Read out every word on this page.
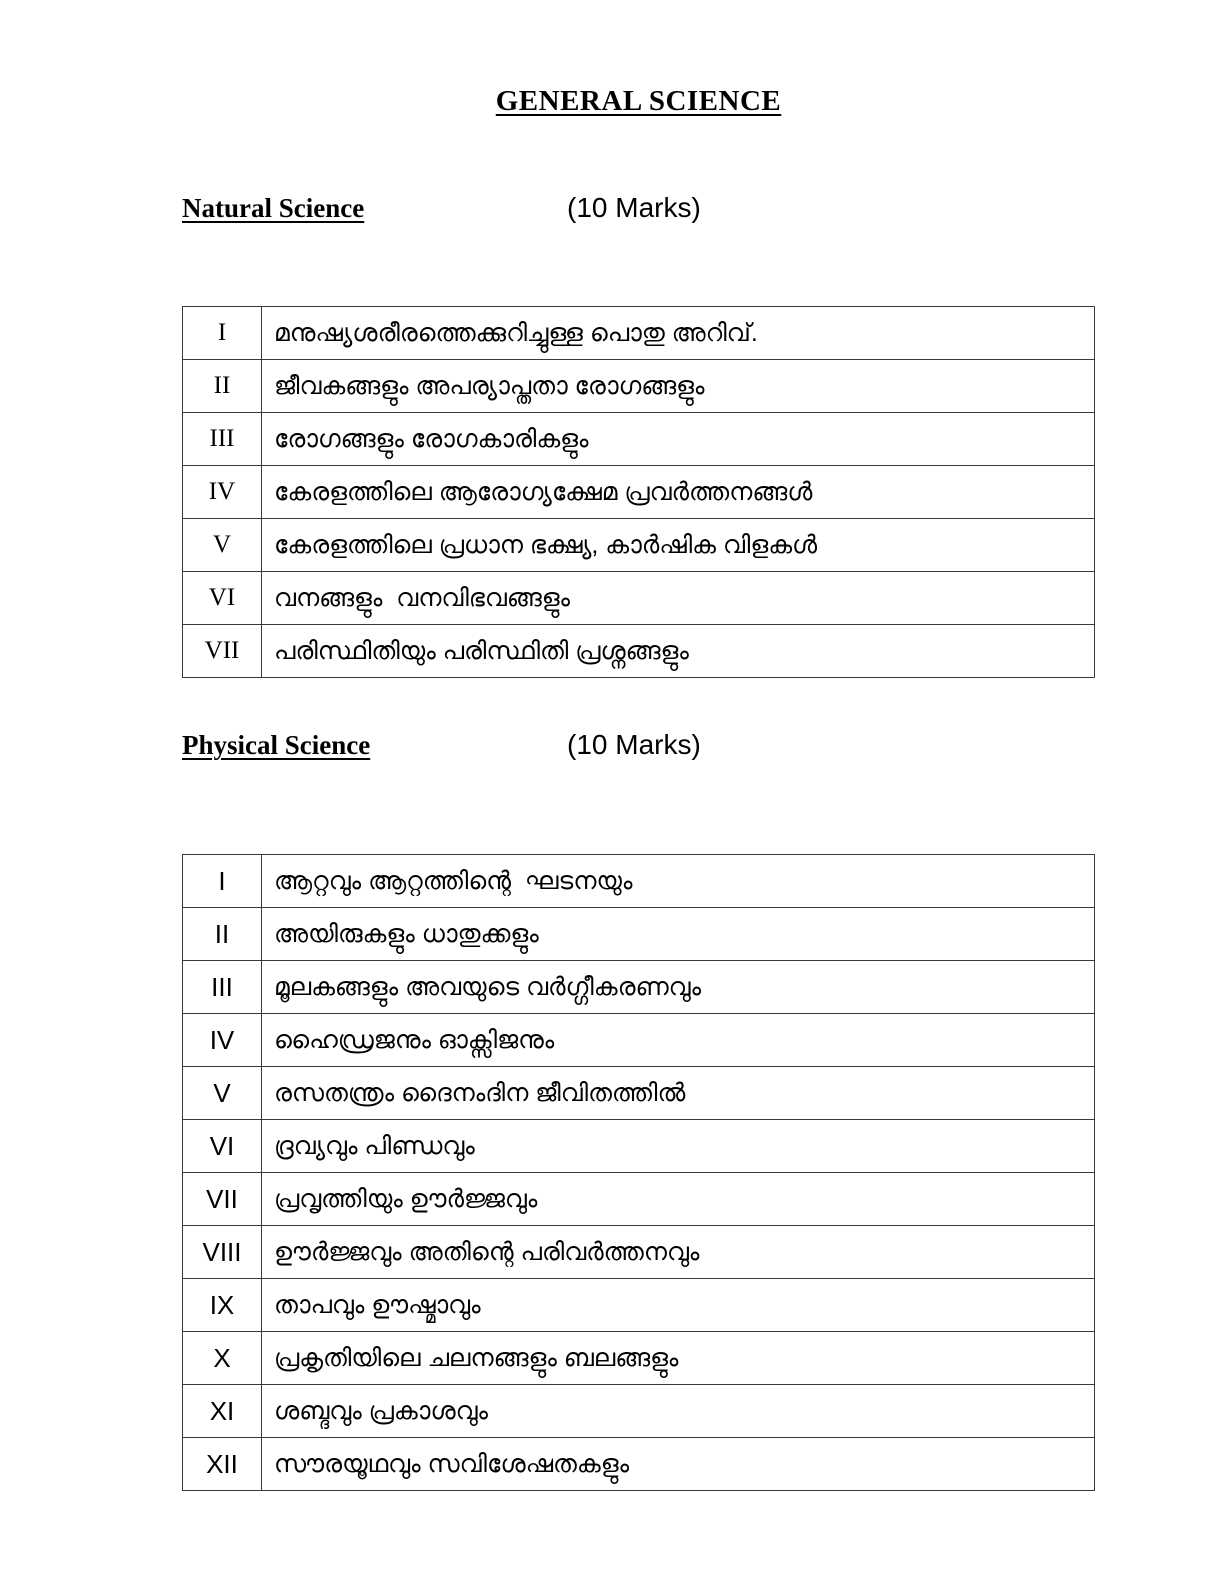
GENERAL SCIENCE
Natural Science	(10 Marks)
I	മനുഷ്യശരീരത്തെക്കുറിച്ചുള്ള പൊതു അറിവ്.
II	ജീവകങ്ങളും അപര്യാപ്തതാ രോഗങ്ങളും
III	രോഗങ്ങളും രോഗകാരികളും
IV	കേരളത്തിലെ ആരോഗ്യക്ഷേമ പ്രവർത്തനങ്ങൾ
V	കേരളത്തിലെ പ്രധാന ഭക്ഷ്യ, കാർഷിക വിളകൾ
VI	വനങ്ങളും  വനവിഭവങ്ങളും
VII	പരിസ്ഥിതിയും പരിസ്ഥിതി പ്രശ്നങ്ങളും
Physical Science	(10 Marks)
I	ആറ്റവും ആറ്റത്തിന്റെ  ഘടനയും
II	അയിരുകളും ധാതുക്കളും
III	മൂലകങ്ങളും അവയുടെ വർഗ്ഗീകരണവും
IV	ഹൈഡ്രജനും ഓക്സിജനും
V	രസതന്ത്രം ദൈനംദിന ജീവിതത്തിൽ
VI	ദ്രവ്യവും പിണ്ഡവും
VII	പ്രവൃത്തിയും ഊർജ്ജവും
VIII	ഊർജ്ജവും അതിന്റെ പരിവർത്തനവും
IX	താപവും ഊഷ്മാവും
X	പ്രകൃതിയിലെ ചലനങ്ങളും ബലങ്ങളും
XI	ശബ്ദവും പ്രകാശവും
XII	സൗരയൂഥവും സവിശേഷതകളും
